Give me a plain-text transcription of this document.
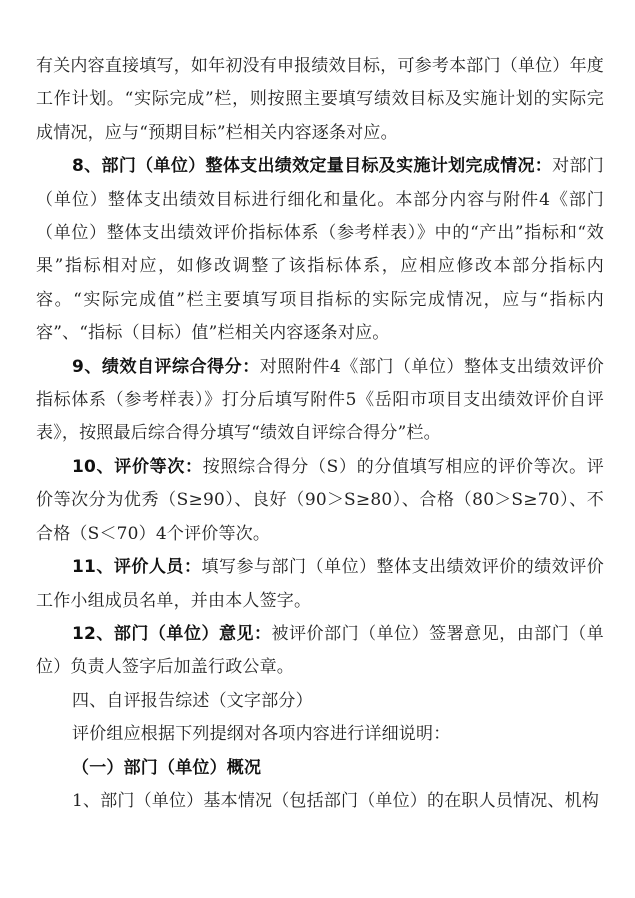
有关内容直接填写，如年初没有申报绩效目标，可参考本部门（单位）年度工作计划。“实际完成”栏，则按照主要填写绩效目标及实施计划的实际完成情况，应与“预期目标”栏相关内容逐条对应。

8、部门（单位）整体支出绩效定量目标及实施计划完成情况：对部门（单位）整体支出绩效目标进行细化和量化。本部分内容与附件4《部门（单位）整体支出绩效评价指标体系（参考样表）》中的“产出”指标和“效果”指标相对应，如修改调整了该指标体系，应相应修改本部分指标内容。“实际完成值”栏主要填写项目指标的实际完成情况，应与“指标内容”、“指标（目标）值”栏相关内容逐条对应。

9、绩效自评综合得分：对照附件4《部门（单位）整体支出绩效评价指标体系（参考样表）》打分后填写附件5《岳阳市项目支出绩效评价自评表》，按照最后综合得分填写“绩效自评综合得分”栏。

10、评价等次：按照综合得分（S）的分值填写相应的评价等次。评价等次分为优秀（S≥90）、良好（90＞S≥80）、合格（80＞S≥70）、不合格（S＜70）4个评价等次。

11、评价人员：填写参与部门（单位）整体支出绩效评价的绩效评价工作小组成员名单，并由本人签字。

12、部门（单位）意见：被评价部门（单位）签署意见，由部门（单位）负责人签字后加盖行政公章。

四、自评报告综述（文字部分）

评价组应根据下列提纲对各项内容进行详细说明：

（一）部门（单位）概况

1、部门（单位）基本情况（包括部门（单位）的在职人员情况、机构
